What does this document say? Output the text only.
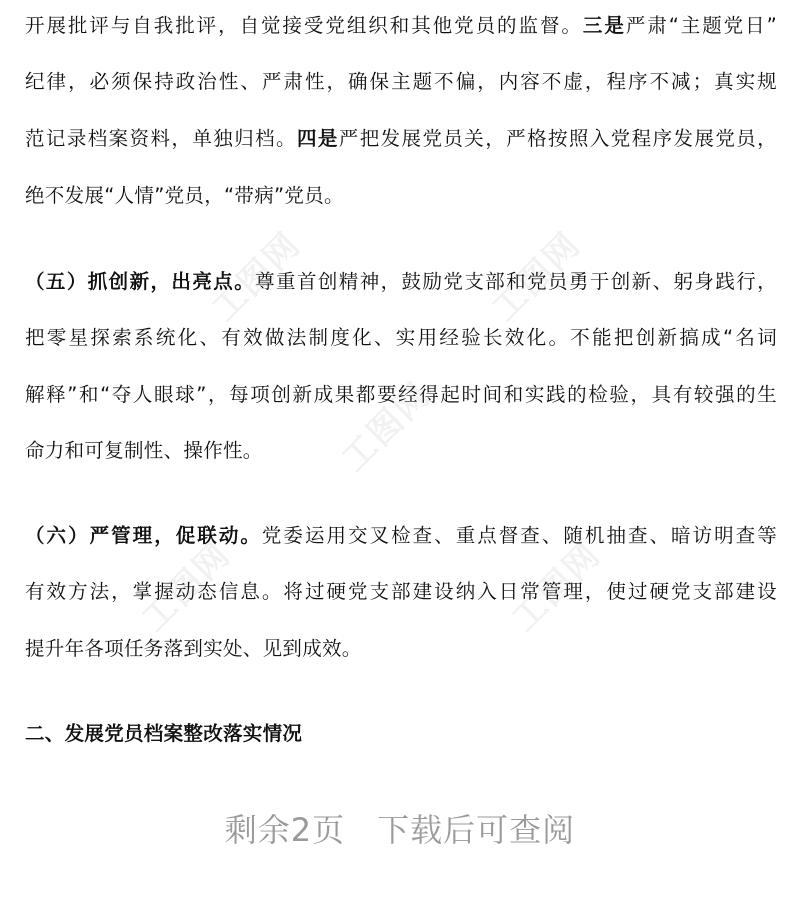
工图网	工图网
工图网
工图网	工图网
开展批评与自我批评，自觉接受党组织和其他党员的监督。三是严肃“主题党日”
纪律，必须保持政治性、严肃性，确保主题不偏，内容不虚，程序不减；真实规
范记录档案资料，单独归档。四是严把发展党员关，严格按照入党程序发展党员，
绝不发展“人情”党员，“带病”党员。
（五）抓创新，出亮点。尊重首创精神，鼓励党支部和党员勇于创新、躬身践行，
把零星探索系统化、有效做法制度化、实用经验长效化。不能把创新搞成“名词
解释”和“夺人眼球”，每项创新成果都要经得起时间和实践的检验，具有较强的生
命力和可复制性、操作性。
（六）严管理，促联动。党委运用交叉检查、重点督查、随机抽查、暗访明查等
有效方法，掌握动态信息。将过硬党支部建设纳入日常管理，使过硬党支部建设
提升年各项任务落到实处、见到成效。
二、发展党员档案整改落实情况
剩余2页 下载后可查阅
